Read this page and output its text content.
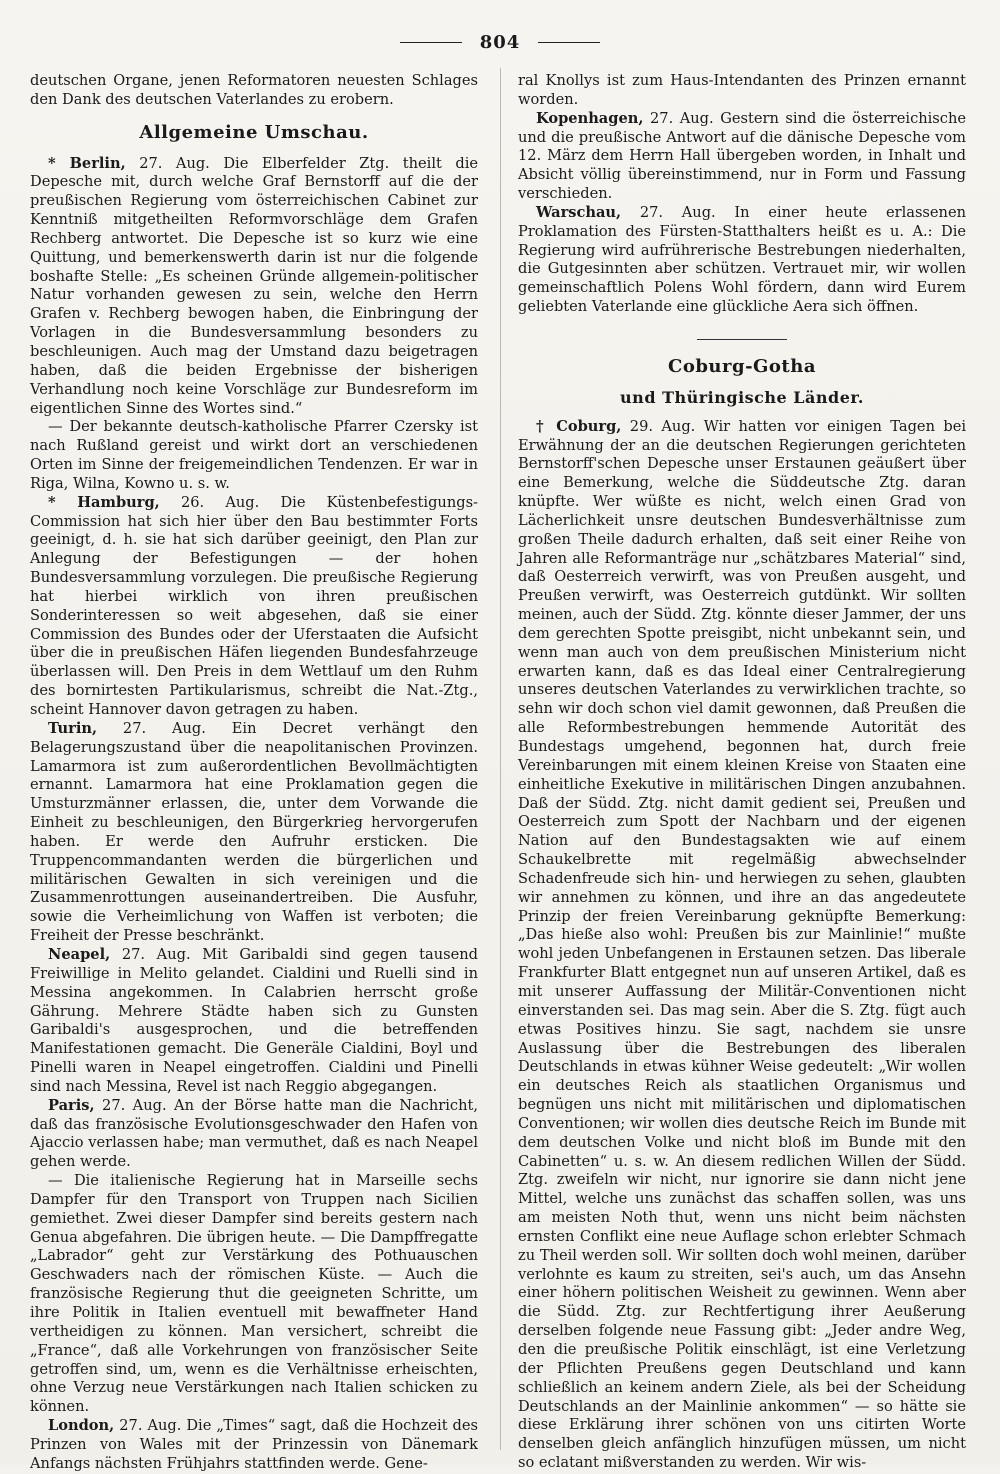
804

deutschen Organe, jenen Reformatoren neuesten Schlages den Dank des deutschen Vaterlandes zu erobern.

Allgemeine Umschau.

* Berlin, 27. Aug. Die Elberfelder Ztg. theilt die Depesche mit, durch welche Graf Bernstorff auf die der preußischen Regierung vom österreichischen Cabinet zur Kenntniß mitgetheilten Reformvorschläge dem Grafen Rechberg antwortet. Die Depesche ist so kurz wie eine Quittung, und bemerkenswerth darin ist nur die folgende boshafte Stelle: „Es scheinen Gründe allgemein-politischer Natur vorhanden gewesen zu sein, welche den Herrn Grafen v. Rechberg bewogen haben, die Einbringung der Vorlagen in die Bundesversammlung besonders zu beschleunigen. Auch mag der Umstand dazu beigetragen haben, daß die beiden Ergebnisse der bisherigen Verhandlung noch keine Vorschläge zur Bundesreform im eigentlichen Sinne des Wortes sind.“

— Der bekannte deutsch-katholische Pfarrer Czersky ist nach Rußland gereist und wirkt dort an verschiedenen Orten im Sinne der freigemeindlichen Tendenzen. Er war in Riga, Wilna, Kowno u. s. w.

* Hamburg, 26. Aug. Die Küstenbefestigungs-Commission hat sich hier über den Bau bestimmter Forts geeinigt, d. h. sie hat sich darüber geeinigt, den Plan zur Anlegung der Befestigungen — der hohen Bundesversammlung vorzulegen. Die preußische Regierung hat hierbei wirklich von ihren preußischen Sonderinteressen so weit abgesehen, daß sie einer Commission des Bundes oder der Uferstaaten die Aufsicht über die in preußischen Häfen liegenden Bundesfahrzeuge überlassen will. Den Preis in dem Wettlauf um den Ruhm des bornirtesten Partikularismus, schreibt die Nat.-Ztg., scheint Hannover davon getragen zu haben.

Turin, 27. Aug. Ein Decret verhängt den Belagerungszustand über die neapolitanischen Provinzen. Lamarmora ist zum außerordentlichen Bevollmächtigten ernannt. Lamarmora hat eine Proklamation gegen die Umsturzmänner erlassen, die, unter dem Vorwande die Einheit zu beschleunigen, den Bürgerkrieg hervorgerufen haben. Er werde den Aufruhr ersticken. Die Truppencommandanten werden die bürgerlichen und militärischen Gewalten in sich vereinigen und die Zusammenrottungen auseinandertreiben. Die Ausfuhr, sowie die Verheimlichung von Waffen ist verboten; die Freiheit der Presse beschränkt.

Neapel, 27. Aug. Mit Garibaldi sind gegen tausend Freiwillige in Melito gelandet. Cialdini und Ruelli sind in Messina angekommen. In Calabrien herrscht große Gährung. Mehrere Städte haben sich zu Gunsten Garibaldi's ausgesprochen, und die betreffenden Manifestationen gemacht. Die Generäle Cialdini, Boyl und Pinelli waren in Neapel eingetroffen. Cialdini und Pinelli sind nach Messina, Revel ist nach Reggio abgegangen.

Paris, 27. Aug. An der Börse hatte man die Nachricht, daß das französische Evolutionsgeschwader den Hafen von Ajaccio verlassen habe; man vermuthet, daß es nach Neapel gehen werde.

— Die italienische Regierung hat in Marseille sechs Dampfer für den Transport von Truppen nach Sicilien gemiethet. Zwei dieser Dampfer sind bereits gestern nach Genua abgefahren. Die übrigen heute. — Die Dampffregatte „Labrador“ geht zur Verstärkung des Pothuauschen Geschwaders nach der römischen Küste. — Auch die französische Regierung thut die geeigneten Schritte, um ihre Politik in Italien eventuell mit bewaffneter Hand vertheidigen zu können. Man versichert, schreibt die „France“, daß alle Vorkehrungen von französischer Seite getroffen sind, um, wenn es die Verhältnisse erheischten, ohne Verzug neue Verstärkungen nach Italien schicken zu können.

London, 27. Aug. Die „Times“ sagt, daß die Hochzeit des Prinzen von Wales mit der Prinzessin von Dänemark Anfangs nächsten Frühjahrs stattfinden werde. Gene-

ral Knollys ist zum Haus-Intendanten des Prinzen ernannt worden.

Kopenhagen, 27. Aug. Gestern sind die österreichische und die preußische Antwort auf die dänische Depesche vom 12. März dem Herrn Hall übergeben worden, in Inhalt und Absicht völlig übereinstimmend, nur in Form und Fassung verschieden.

Warschau, 27. Aug. In einer heute erlassenen Proklamation des Fürsten-Statthalters heißt es u. A.: Die Regierung wird aufrührerische Bestrebungen niederhalten, die Gutgesinnten aber schützen. Vertrauet mir, wir wollen gemeinschaftlich Polens Wohl fördern, dann wird Eurem geliebten Vaterlande eine glückliche Aera sich öffnen.

Coburg-Gotha
und Thüringische Länder.

† Coburg, 29. Aug. Wir hatten vor einigen Tagen bei Erwähnung der an die deutschen Regierungen gerichteten Bernstorff'schen Depesche unser Erstaunen geäußert über eine Bemerkung, welche die Süddeutsche Ztg. daran knüpfte. Wer wüßte es nicht, welch einen Grad von Lächerlichkeit unsre deutschen Bundesverhältnisse zum großen Theile dadurch erhalten, daß seit einer Reihe von Jahren alle Reformanträge nur „schätzbares Material“ sind, daß Oesterreich verwirft, was von Preußen ausgeht, und Preußen verwirft, was Oesterreich gutdünkt. Wir sollten meinen, auch der Südd. Ztg. könnte dieser Jammer, der uns dem gerechten Spotte preisgibt, nicht unbekannt sein, und wenn man auch von dem preußischen Ministerium nicht erwarten kann, daß es das Ideal einer Centralregierung unseres deutschen Vaterlandes zu verwirklichen trachte, so sehn wir doch schon viel damit gewonnen, daß Preußen die alle Reformbestrebungen hemmende Autorität des Bundestags umgehend, begonnen hat, durch freie Vereinbarungen mit einem kleinen Kreise von Staaten eine einheitliche Exekutive in militärischen Dingen anzubahnen. Daß der Südd. Ztg. nicht damit gedient sei, Preußen und Oesterreich zum Spott der Nachbarn und der eigenen Nation auf den Bundestagsakten wie auf einem Schaukelbrette mit regelmäßig abwechselnder Schadenfreude sich hin- und herwiegen zu sehen, glaubten wir annehmen zu können, und ihre an das angedeutete Prinzip der freien Vereinbarung geknüpfte Bemerkung: „Das hieße also wohl: Preußen bis zur Mainlinie!“ mußte wohl jeden Unbefangenen in Erstaunen setzen. Das liberale Frankfurter Blatt entgegnet nun auf unseren Artikel, daß es mit unserer Auffassung der Militär-Conventionen nicht einverstanden sei. Das mag sein. Aber die S. Ztg. fügt auch etwas Positives hinzu. Sie sagt, nachdem sie unsre Auslassung über die Bestrebungen des liberalen Deutschlands in etwas kühner Weise gedeutelt: „Wir wollen ein deutsches Reich als staatlichen Organismus und begnügen uns nicht mit militärischen und diplomatischen Conventionen; wir wollen dies deutsche Reich im Bunde mit dem deutschen Volke und nicht bloß im Bunde mit den Cabinetten“ u. s. w. An diesem redlichen Willen der Südd. Ztg. zweifeln wir nicht, nur ignorire sie dann nicht jene Mittel, welche uns zunächst das schaffen sollen, was uns am meisten Noth thut, wenn uns nicht beim nächsten ernsten Conflikt eine neue Auflage schon erlebter Schmach zu Theil werden soll. Wir sollten doch wohl meinen, darüber verlohnte es kaum zu streiten, sei's auch, um das Ansehn einer höhern politischen Weisheit zu gewinnen. Wenn aber die Südd. Ztg. zur Rechtfertigung ihrer Aeußerung derselben folgende neue Fassung gibt: „Jeder andre Weg, den die preußische Politik einschlägt, ist eine Verletzung der Pflichten Preußens gegen Deutschland und kann schließlich an keinem andern Ziele, als bei der Scheidung Deutschlands an der Mainlinie ankommen“ — so hätte sie diese Erklärung ihrer schönen von uns citirten Worte denselben gleich anfänglich hinzufügen müssen, um nicht so eclatant mißverstanden zu werden. Wir wis-
